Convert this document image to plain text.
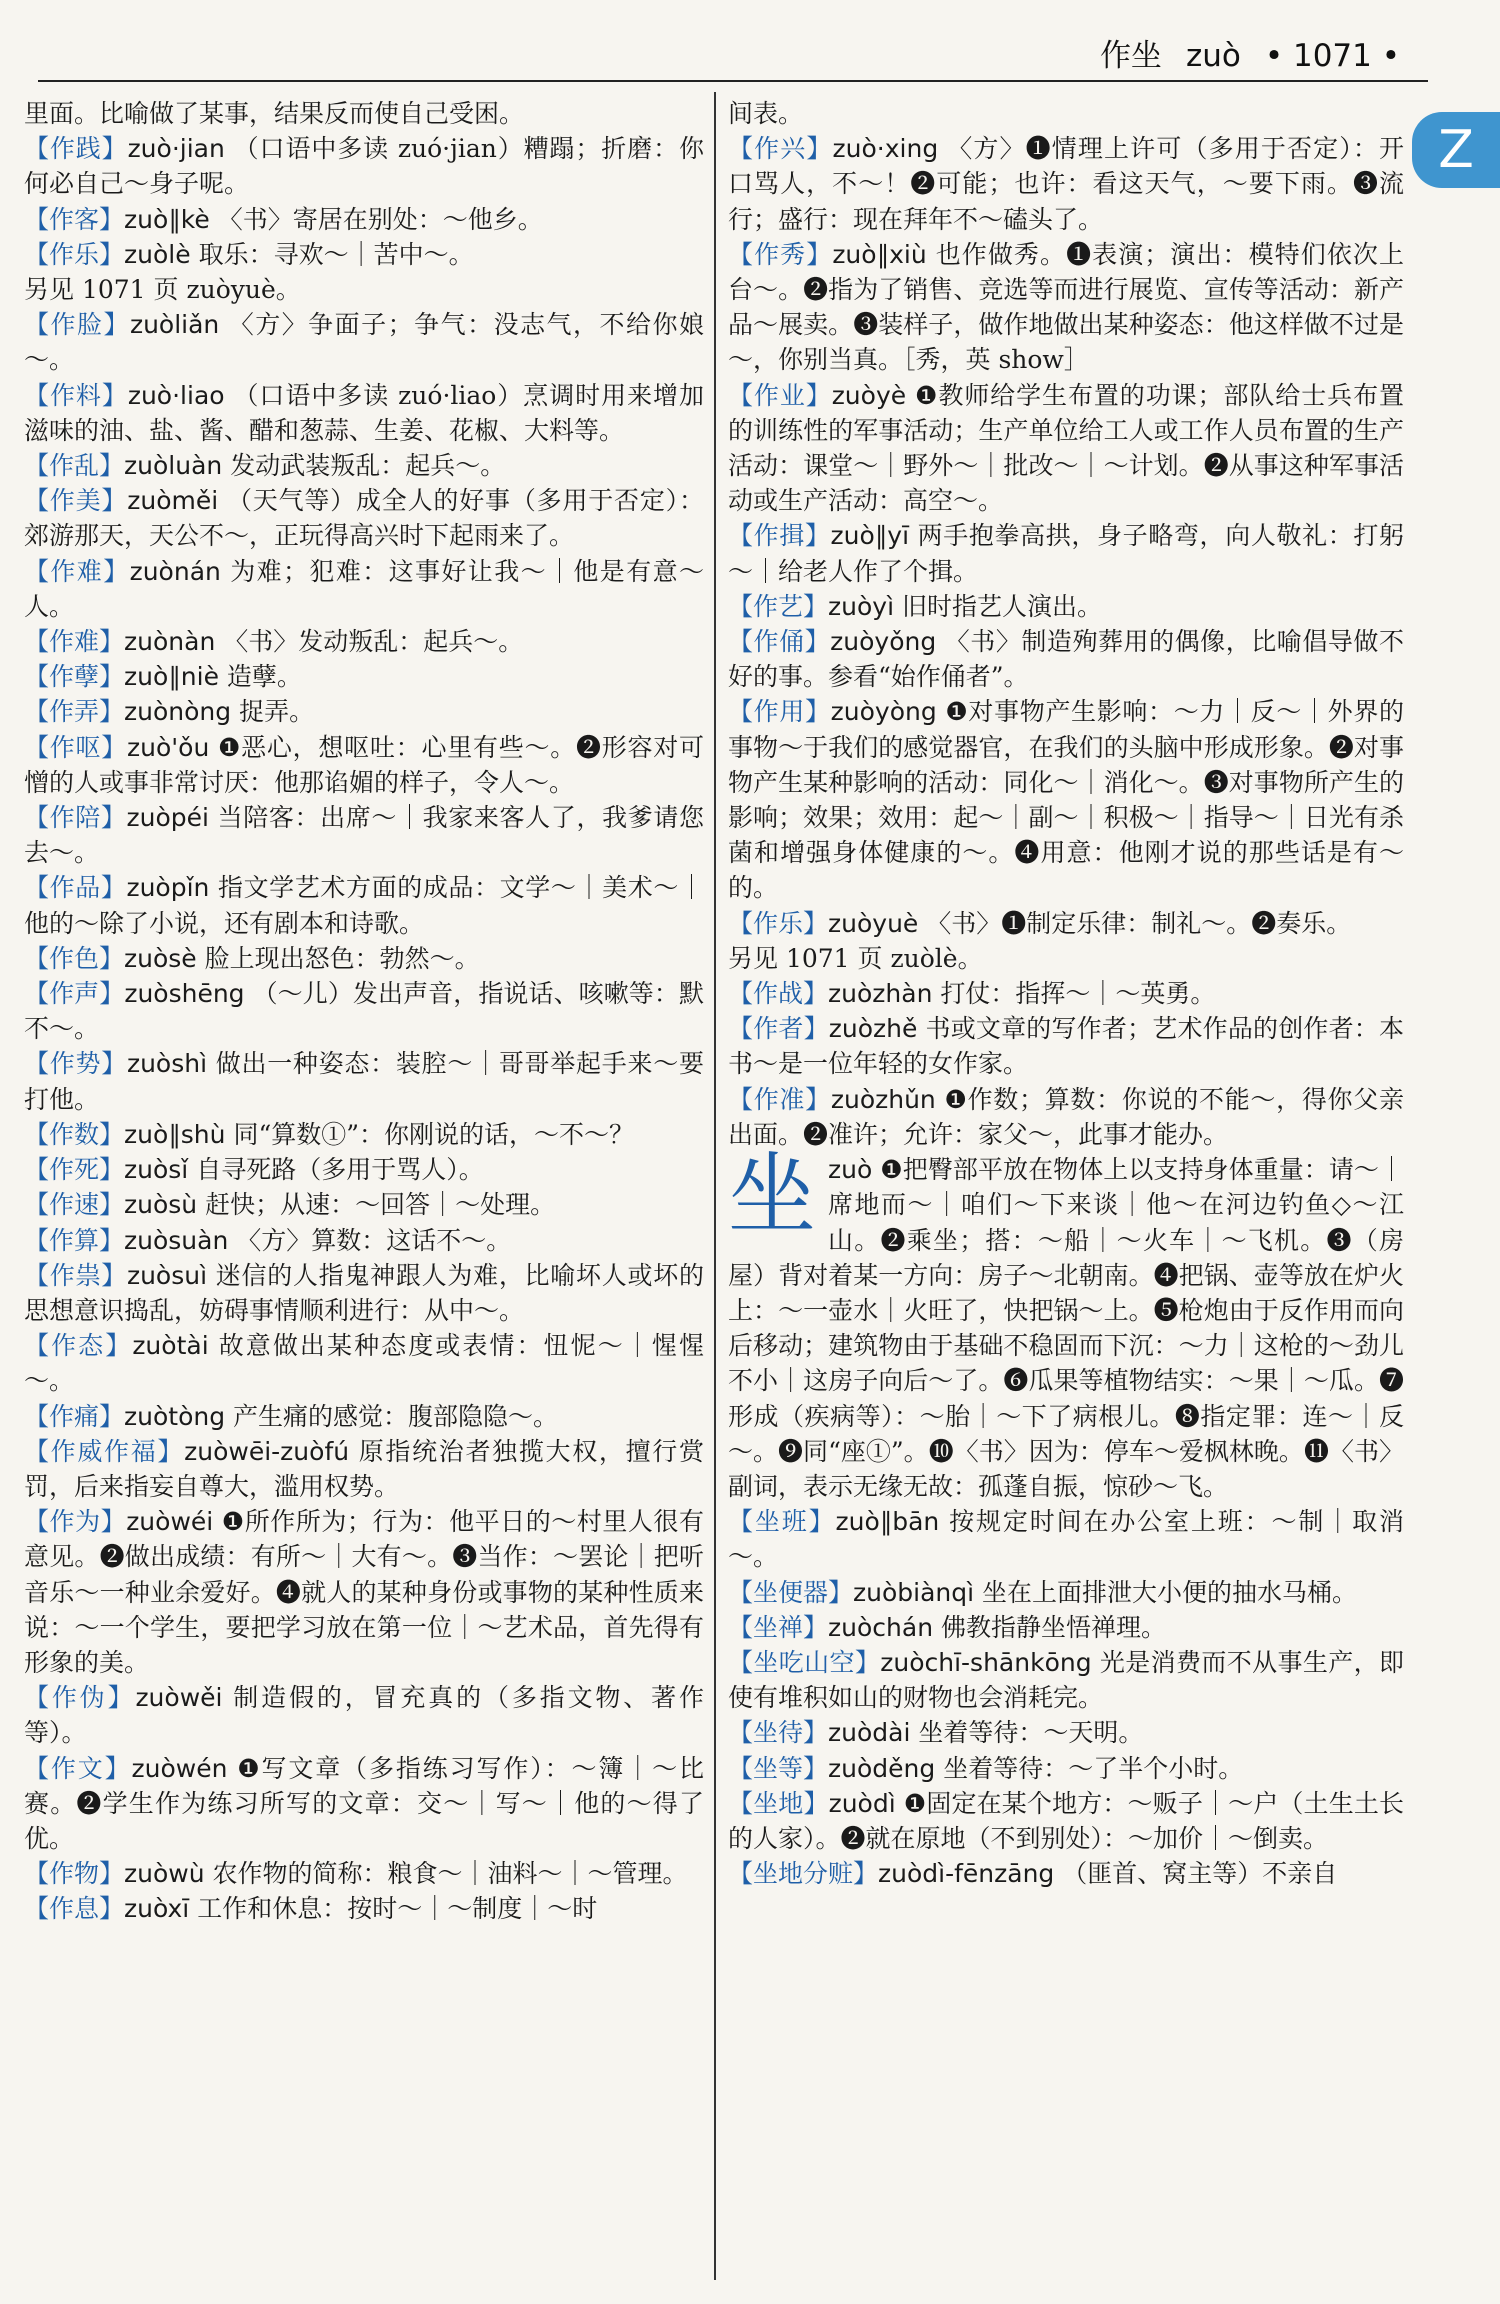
作坐 zuò • 1071 •
Z

里面。比喻做了某事，结果反而使自己受困。

【作践】zuò·jian （口语中多读 zuó·jian）糟蹋；折磨：你何必自己～身子呢。

【作客】zuò∥kè 〈书〉寄居在别处：～他乡。

【作乐】zuòlè 取乐：寻欢～｜苦中～。

另见 1071 页 zuòyuè。

【作脸】zuòliǎn 〈方〉争面子；争气：没志气，不给你娘～。

【作料】zuò·liao （口语中多读 zuó·liao）烹调时用来增加滋味的油、盐、酱、醋和葱蒜、生姜、花椒、大料等。

【作乱】zuòluàn 发动武装叛乱：起兵～。

【作美】zuòměi （天气等）成全人的好事（多用于否定）：郊游那天，天公不～，正玩得高兴时下起雨来了。

【作难】zuònán 为难；犯难：这事好让我～｜他是有意～人。

【作难】zuònàn 〈书〉发动叛乱：起兵～。

【作孽】zuò∥niè 造孽。

【作弄】zuònòng 捉弄。

【作呕】zuò'ǒu ❶恶心，想呕吐：心里有些～。❷形容对可憎的人或事非常讨厌：他那谄媚的样子，令人～。

【作陪】zuòpéi 当陪客：出席～｜我家来客人了，我爹请您去～。

【作品】zuòpǐn 指文学艺术方面的成品：文学～｜美术～｜他的～除了小说，还有剧本和诗歌。

【作色】zuòsè 脸上现出怒色：勃然～。

【作声】zuòshēng （～儿）发出声音，指说话、咳嗽等：默不～。

【作势】zuòshì 做出一种姿态：装腔～｜哥哥举起手来～要打他。

【作数】zuò∥shù 同“算数①”：你刚说的话，～不～？

【作死】zuòsǐ 自寻死路（多用于骂人）。

【作速】zuòsù 赶快；从速：～回答｜～处理。

【作算】zuòsuàn 〈方〉算数：这话不～。

【作祟】zuòsuì 迷信的人指鬼神跟人为难，比喻坏人或坏的思想意识捣乱，妨碍事情顺利进行：从中～。

【作态】zuòtài 故意做出某种态度或表情：忸怩～｜惺惺～。

【作痛】zuòtòng 产生痛的感觉：腹部隐隐～。

【作威作福】zuòwēi-zuòfú 原指统治者独揽大权，擅行赏罚，后来指妄自尊大，滥用权势。

【作为】zuòwéi ❶所作所为；行为：他平日的～村里人很有意见。❷做出成绩：有所～｜大有～。❸当作：～罢论｜把听音乐～一种业余爱好。❹就人的某种身份或事物的某种性质来说：～一个学生，要把学习放在第一位｜～艺术品，首先得有形象的美。

【作伪】zuòwěi 制造假的，冒充真的（多指文物、著作等）。

【作文】zuòwén ❶写文章（多指练习写作）：～簿｜～比赛。❷学生作为练习所写的文章：交～｜写～｜他的～得了优。

【作物】zuòwù 农作物的简称：粮食～｜油料～｜～管理。

【作息】zuòxī 工作和休息：按时～｜～制度｜～时

间表。

【作兴】zuò·xing 〈方〉❶情理上许可（多用于否定）：开口骂人，不～！❷可能；也许：看这天气，～要下雨。❸流行；盛行：现在拜年不～磕头了。

【作秀】zuò∥xiù 也作做秀。❶表演；演出：模特们依次上台～。❷指为了销售、竞选等而进行展览、宣传等活动：新产品～展卖。❸装样子，做作地做出某种姿态：他这样做不过是～，你别当真。［秀，英 show］

【作业】zuòyè ❶教师给学生布置的功课；部队给士兵布置的训练性的军事活动；生产单位给工人或工作人员布置的生产活动：课堂～｜野外～｜批改～｜～计划。❷从事这种军事活动或生产活动：高空～。

【作揖】zuò∥yī 两手抱拳高拱，身子略弯，向人敬礼：打躬～｜给老人作了个揖。

【作艺】zuòyì 旧时指艺人演出。

【作俑】zuòyǒng 〈书〉制造殉葬用的偶像，比喻倡导做不好的事。参看“始作俑者”。

【作用】zuòyòng ❶对事物产生影响：～力｜反～｜外界的事物～于我们的感觉器官，在我们的头脑中形成形象。❷对事物产生某种影响的活动：同化～｜消化～。❸对事物所产生的影响；效果；效用：起～｜副～｜积极～｜指导～｜日光有杀菌和增强身体健康的～。❹用意：他刚才说的那些话是有～的。

【作乐】zuòyuè 〈书〉❶制定乐律：制礼～。❷奏乐。

另见 1071 页 zuòlè。

【作战】zuòzhàn 打仗：指挥～｜～英勇。

【作者】zuòzhě 书或文章的写作者；艺术作品的创作者：本书～是一位年轻的女作家。

【作准】zuòzhǔn ❶作数；算数：你说的不能～，得你父亲出面。❷准许；允许：家父～，此事才能办。

坐zuò ❶把臀部平放在物体上以支持身体重量：请～｜席地而～｜咱们～下来谈｜他～在河边钓鱼◇～江山。❷乘坐；搭：～船｜～火车｜～飞机。❸（房屋）背对着某一方向：房子～北朝南。❹把锅、壶等放在炉火上：～一壶水｜火旺了，快把锅～上。❺枪炮由于反作用而向后移动；建筑物由于基础不稳固而下沉：～力｜这枪的～劲儿不小｜这房子向后～了。❻瓜果等植物结实：～果｜～瓜。❼形成（疾病等）：～胎｜～下了病根儿。❽指定罪：连～｜反～。❾同“座①”。❿〈书〉因为：停车～爱枫林晚。⓫〈书〉副词，表示无缘无故：孤蓬自振，惊砂～飞。

【坐班】zuò∥bān 按规定时间在办公室上班：～制｜取消～。

【坐便器】zuòbiànqì 坐在上面排泄大小便的抽水马桶。

【坐禅】zuòchán 佛教指静坐悟禅理。

【坐吃山空】zuòchī-shānkōng 光是消费而不从事生产，即使有堆积如山的财物也会消耗完。

【坐待】zuòdài 坐着等待：～天明。

【坐等】zuòděng 坐着等待：～了半个小时。

【坐地】zuòdì ❶固定在某个地方：～贩子｜～户（土生土长的人家）。❷就在原地（不到别处）：～加价｜～倒卖。

【坐地分赃】zuòdì-fēnzāng （匪首、窝主等）不亲自
